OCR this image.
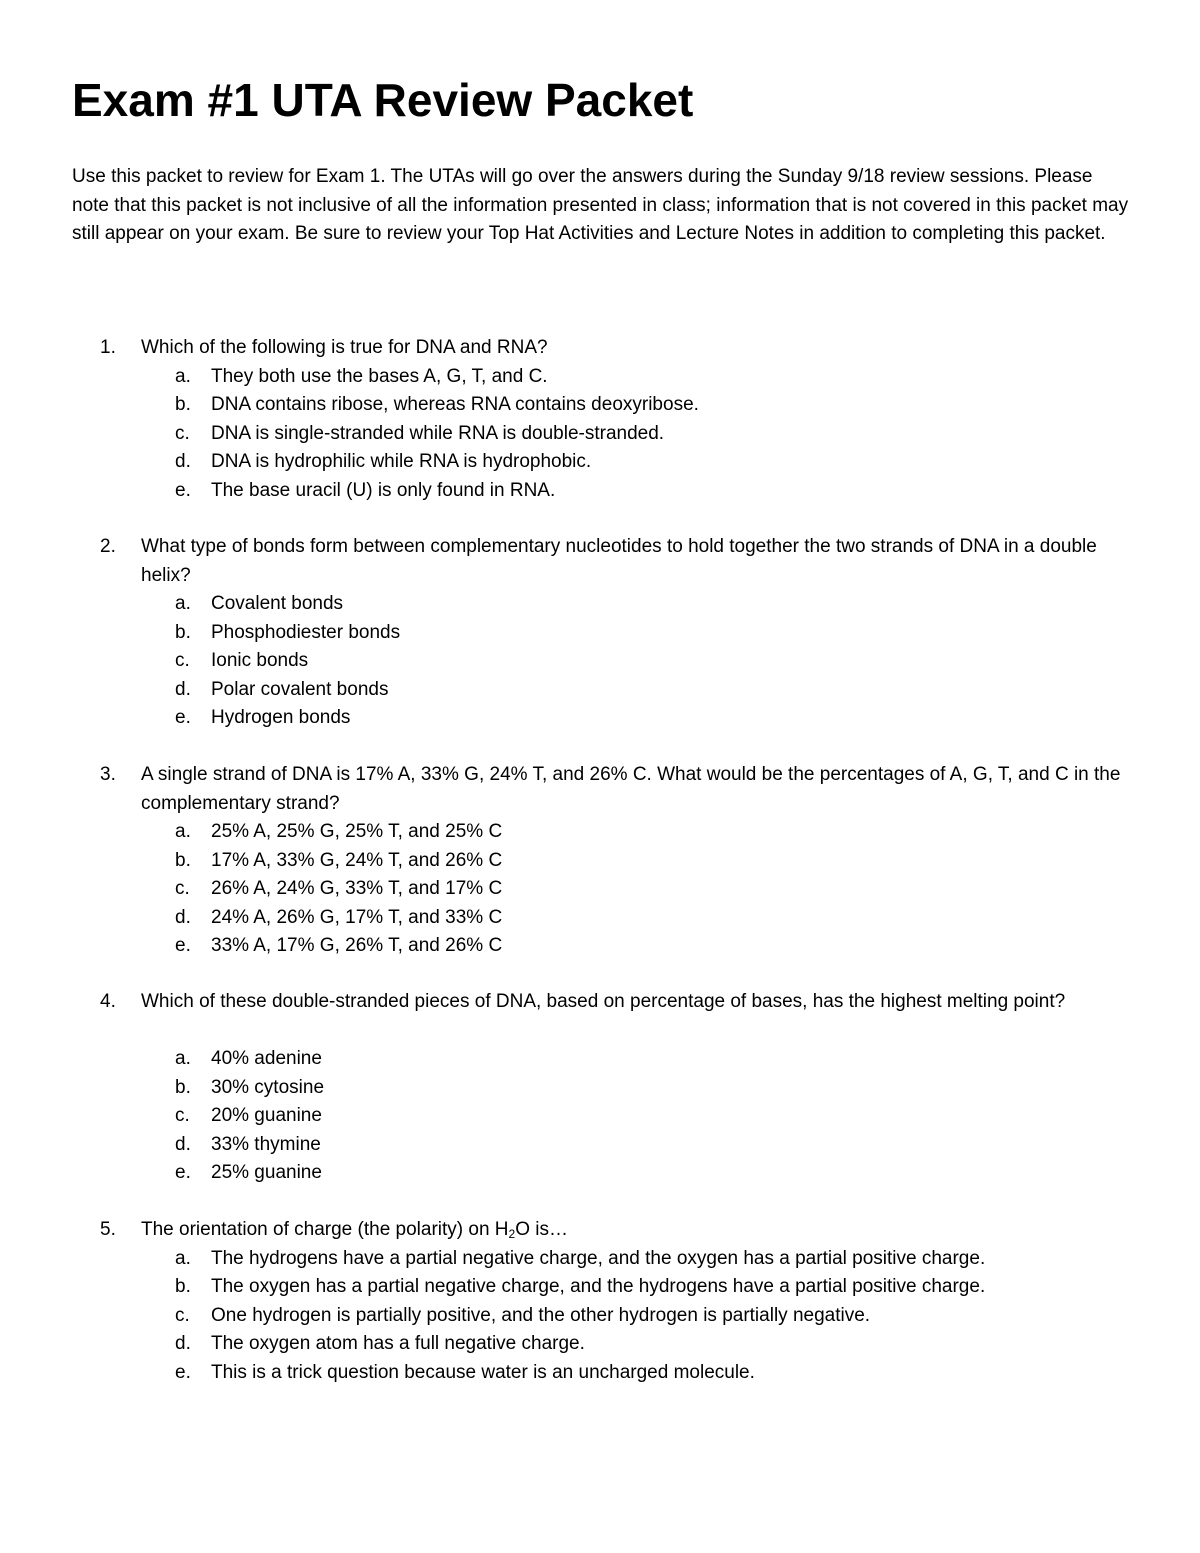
Exam #1 UTA Review Packet

Use this packet to review for Exam 1. The UTAs will go over the answers during the Sunday 9/18 review sessions. Please note that this packet is not inclusive of all the information presented in class; information that is not covered in this packet may still appear on your exam. Be sure to review your Top Hat Activities and Lecture Notes in addition to completing this packet.

1.	Which of the following is true for DNA and RNA?
a. They both use the bases A, G, T, and C.
b. DNA contains ribose, whereas RNA contains deoxyribose.
c. DNA is single-stranded while RNA is double-stranded.
d. DNA is hydrophilic while RNA is hydrophobic.
e. The base uracil (U) is only found in RNA.
2.	What type of bonds form between complementary nucleotides to hold together the two strands of DNA in a double helix?
a. Covalent bonds
b. Phosphodiester bonds
c. Ionic bonds
d. Polar covalent bonds
e. Hydrogen bonds
3.	A single strand of DNA is 17% A, 33% G, 24% T, and 26% C. What would be the percentages of A, G, T, and C in the complementary strand?
a. 25% A, 25% G, 25% T, and 25% C
b. 17% A, 33% G, 24% T, and 26% C
c. 26% A, 24% G, 33% T, and 17% C
d. 24% A, 26% G, 17% T, and 33% C
e. 33% A, 17% G, 26% T, and 26% C
4.	Which of these double-stranded pieces of DNA, based on percentage of bases, has the highest melting point?
a. 40% adenine
b. 30% cytosine
c. 20% guanine
d. 33% thymine
e. 25% guanine
5.	The orientation of charge (the polarity) on $H_2O$ is…
a. The hydrogens have a partial negative charge, and the oxygen has a partial positive charge.
b. The oxygen has a partial negative charge, and the hydrogens have a partial positive charge.
c. One hydrogen is partially positive, and the other hydrogen is partially negative.
d. The oxygen atom has a full negative charge.
e. This is a trick question because water is an uncharged molecule.
